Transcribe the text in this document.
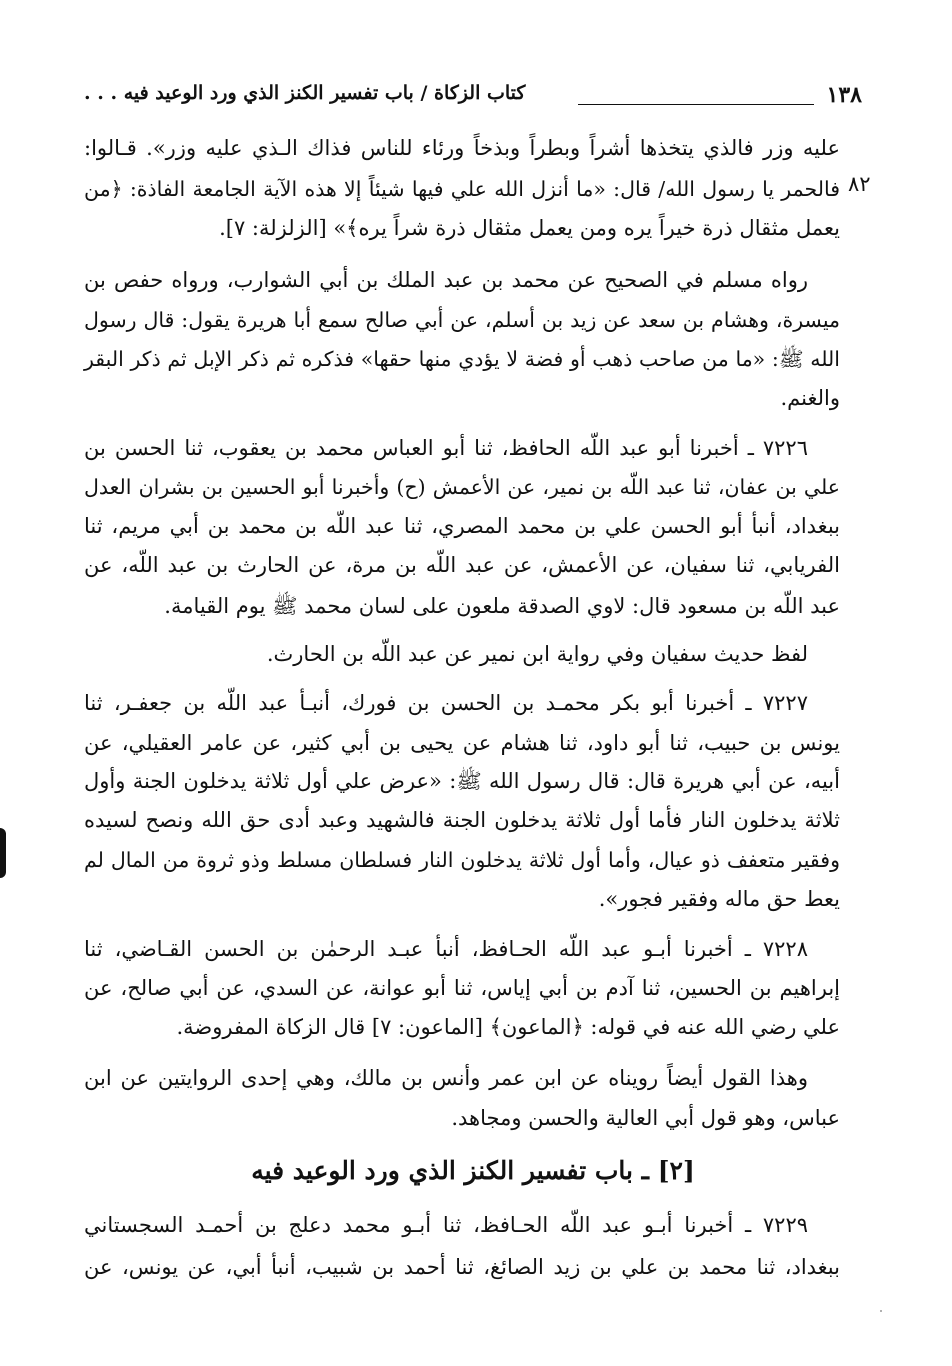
١٣٨
كتاب الزكاة / باب تفسير الكنز الذي ورد الوعيد فيه . . .
٨٢
عليه وزر فالذي يتخذها أشراً وبطراً وبذخاً ورئاء للناس فذاك الـذي عليه وزر». قـالوا:
فالحمر يا رسول الله/ قال: «ما أنزل الله علي فيها شيئاً إلا هذه الآية الجامعة الفاذة: ﴿من
يعمل مثقال ذرة خيراً يره ومن يعمل مثقال ذرة شراً يره﴾» [الزلزلة: ٧].
رواه مسلم في الصحيح عن محمد بن عبد الملك بن أبي الشوارب، ورواه حفص بن
ميسرة، وهشام بن سعد عن زيد بن أسلم، عن أبي صالح سمع أبا هريرة يقول: قال رسول
الله ﷺ: «ما من صاحب ذهب أو فضة لا يؤدي منها حقها» فذكره ثم ذكر الإبل ثم ذكر البقر
والغنم.
٧٢٢٦ ـ أخبرنا أبو عبد اللّه الحافظ، ثنا أبو العباس محمد بن يعقوب، ثنا الحسن بن
علي بن عفان، ثنا عبد اللّه بن نمير، عن الأعمش (ح) وأخبرنا أبو الحسين بن بشران العدل
ببغداد، أنبأ أبو الحسن علي بن محمد المصري، ثنا عبد اللّه بن محمد بن أبي مريم، ثنا
الفريابي، ثنا سفيان، عن الأعمش، عن عبد اللّه بن مرة، عن الحارث بن عبد اللّه، عن
عبد اللّه بن مسعود قال: لاوي الصدقة ملعون على لسان محمد ﷺ يوم القيامة.
لفظ حديث سفيان وفي رواية ابن نمير عن عبد اللّه بن الحارث.
٧٢٢٧ ـ أخبرنا أبو بكر محمـد بن الحسن بن فورك، أنبـأ عبد اللّه بن جعفـر، ثنا
يونس بن حبيب، ثنا أبو داود، ثنا هشام عن يحيى بن أبي كثير، عن عامر العقيلي، عن
أبيه، عن أبي هريرة قال: قال رسول الله ﷺ: «عرض علي أول ثلاثة يدخلون الجنة وأول
ثلاثة يدخلون النار فأما أول ثلاثة يدخلون الجنة فالشهيد وعبد أدى حق الله ونصح لسيده
وفقير متعفف ذو عيال، وأما أول ثلاثة يدخلون النار فسلطان مسلط وذو ثروة من المال لم
يعط حق ماله وفقير فجور».
٧٢٢٨ ـ أخبرنا أبـو عبد اللّه الحـافظ، أنبأ عبـد الرحمٰن بن الحسن القـاضي، ثنا
إبراهيم بن الحسين، ثنا آدم بن أبي إياس، ثنا أبو عوانة، عن السدي، عن أبي صالح، عن
علي رضي الله عنه في قوله: ﴿الماعون﴾ [الماعون: ٧] قال الزكاة المفروضة.
وهذا القول أيضاً رويناه عن ابن عمر وأنس بن مالك، وهي إحدى الروايتين عن ابن
عباس، وهو قول أبي العالية والحسن ومجاهد.
[٢] ـ باب تفسير الكنز الذي ورد الوعيد فيه
٧٢٢٩ ـ أخبرنا أبـو عبد اللّه الحـافظ، ثنا أبـو محمد دعلج بن أحمـد السجستاني
ببغداد، ثنا محمد بن علي بن زيد الصائغ، ثنا أحمد بن شبيب، أنبأ أبي، عن يونس، عن
